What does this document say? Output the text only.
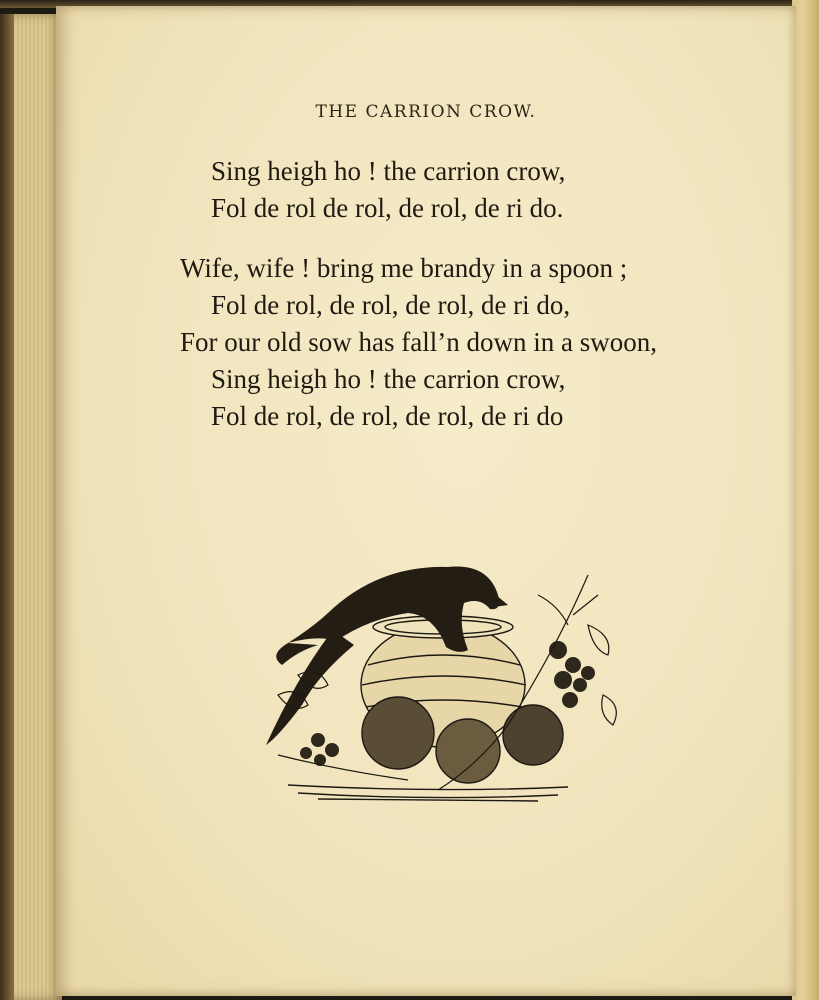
THE CARRION CROW.
Sing heigh ho ! the carrion crow,
Fol de rol de rol, de rol, de ri do.
Wife, wife ! bring me brandy in a spoon ;
Fol de rol, de rol, de rol, de ri do,
For our old sow has fall’n down in a swoon,
Sing heigh ho ! the carrion crow,
Fol de rol, de rol, de rol, de ri do
